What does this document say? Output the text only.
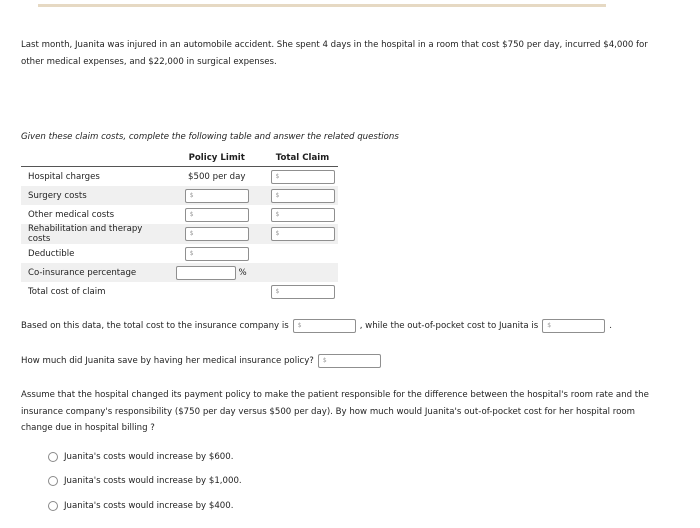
Last month, Juanita was injured in an automobile accident. She spent 4 days in the hospital in a room that cost $750 per day, incurred $4,000 for other medical expenses, and $22,000 in surgical expenses.
Given these claim costs, complete the following table and answer the related questions
	Policy Limit	Total Claim
Hospital charges	$500 per day	$
Surgery costs	$	$
Other medical costs	$	$
Rehabilitation and therapy costs	$	$
Deductible	$	
Co-insurance percentage	%	
Total cost of claim		$
Based on this data, the total cost to the insurance company is $	, while the out-of-pocket cost to Juanita is $	.
How much did Juanita save by having her medical insurance policy? $
Assume that the hospital changed its payment policy to make the patient responsible for the difference between the hospital's room rate and the insurance company's responsibility ($750 per day versus $500 per day). By how much would Juanita's out-of-pocket cost for her hospital room change due in hospital billing ?
Juanita's costs would increase by $600.
Juanita's costs would increase by $1,000.
Juanita's costs would increase by $400.
